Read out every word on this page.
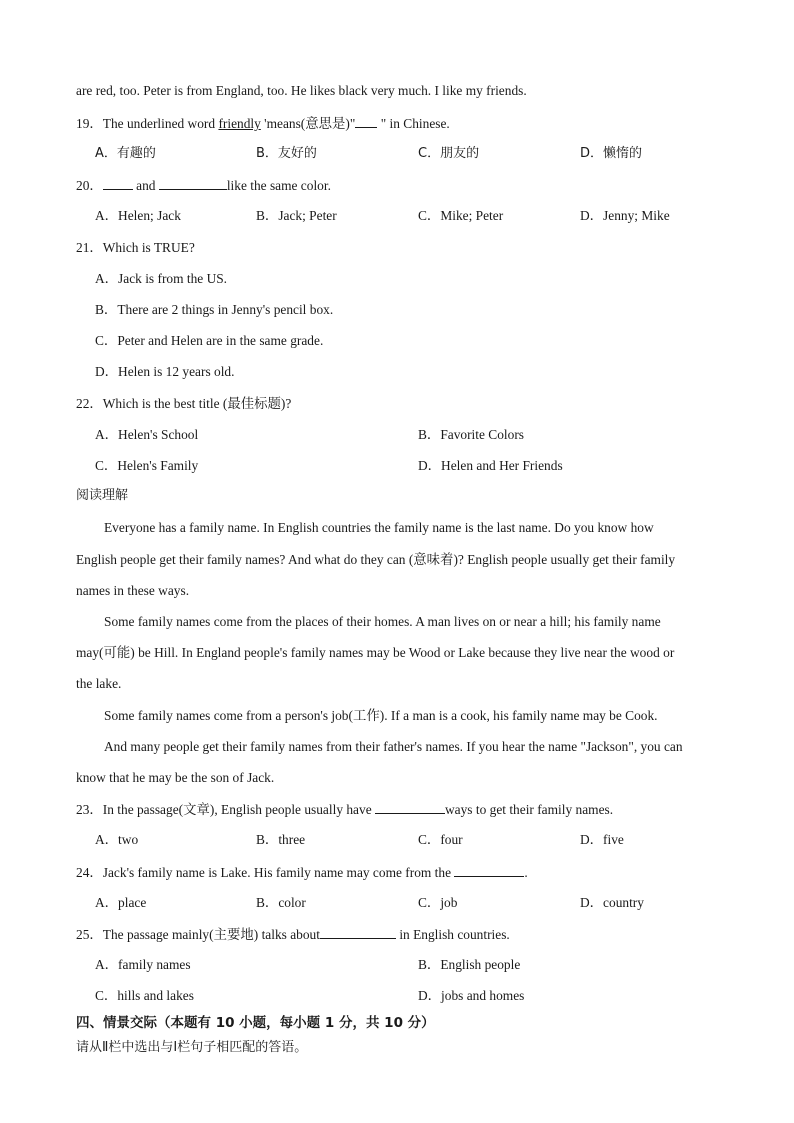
are red, too. Peter is from England, too. He likes black very much. I like my friends.
19．The underlined word friendly 'means(意思是)" " in Chinese.
A．有趣的	B．友好的	C．朋友的	D．懒惰的
20． and	like the same color.
A．Helen; Jack	B．Jack; Peter	C．Mike; Peter	D．Jenny; Mike
21．Which is TRUE?
A．Jack is from the US.
B．There are 2 things in Jenny's pencil box.
C．Peter and Helen are in the same grade.
D．Helen is 12 years old.
22．Which is the best title (最佳标题)?
A．Helen's School	B．Favorite Colors
C．Helen's Family	D．Helen and Her Friends
阅读理解
Everyone has a family name. In English countries the family name is the last name. Do you know how
English people get their family names? And what do they can (意味着)? English people usually get their family
names in these ways.
Some family names come from the places of their homes. A man lives on or near a hill; his family name
may(可能) be Hill. In England people's family names may be Wood or Lake because they live near the wood or
the lake.
Some family names come from a person's job(工作). If a man is a cook, his family name may be Cook.
And many people get their family names from their father's names. If you hear the name "Jackson", you can
know that he may be the son of Jack.
23．In the passage(文章), English people usually have	ways to get their family names.
A．two	B．three	C．four	D．five
24．Jack's family name is Lake. His family name may come from the	.
A．place	B．color	C．job	D．country
25．The passage mainly(主要地) talks about	in English countries.
A．family names	B．English people
C．hills and lakes	D．jobs and homes
四、情景交际（本题有 10 小题，每小题 1 分，共 10 分）
请从Ⅱ栏中选出与Ⅰ栏句子相匹配的答语。
